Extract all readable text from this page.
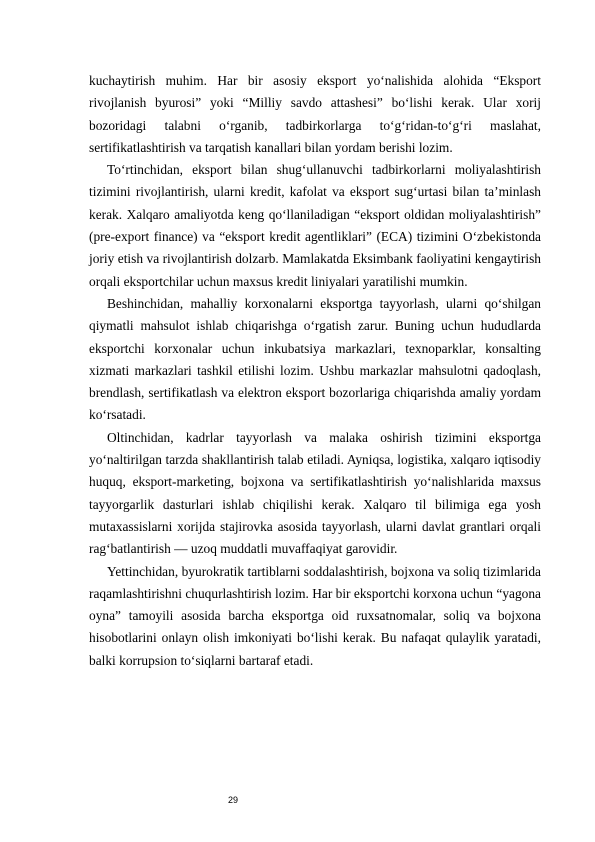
kuchaytirish muhim. Har bir asosiy eksport yo‘nalishida alohida “Eksport rivojlanish byurosi” yoki “Milliy savdo attashesi” bo‘lishi kerak. Ular xorij bozoridagi talabni o‘rganib, tadbirkorlarga to‘g‘ridan-to‘g‘ri maslahat, sertifikatlashtirish va tarqatish kanallari bilan yordam berishi lozim.

To‘rtinchidan, eksport bilan shug‘ullanuvchi tadbirkorlarni moliyalashtirish tizimini rivojlantirish, ularni kredit, kafolat va eksport sug‘urtasi bilan ta’minlash kerak. Xalqaro amaliyotda keng qo‘llaniladigan “eksport oldidan moliyalashtirish” (pre-export finance) va “eksport kredit agentliklari” (ECA) tizimini O‘zbekistonda joriy etish va rivojlantirish dolzarb. Mamlakatda Eksimbank faoliyatini kengaytirish orqali eksportchilar uchun maxsus kredit liniyalari yaratilishi mumkin.

Beshinchidan, mahalliy korxonalarni eksportga tayyorlash, ularni qo‘shilgan qiymatli mahsulot ishlab chiqarishga o‘rgatish zarur. Buning uchun hududlarda eksportchi korxonalar uchun inkubatsiya markazlari, texnoparklar, konsalting xizmati markazlari tashkil etilishi lozim. Ushbu markazlar mahsulotni qadoqlash, brendlash, sertifikatlash va elektron eksport bozorlariga chiqarishda amaliy yordam ko‘rsatadi.

Oltinchidan, kadrlar tayyorlash va malaka oshirish tizimini eksportga yo‘naltirilgan tarzda shakllantirish talab etiladi. Ayniqsa, logistika, xalqaro iqtisodiy huquq, eksport-marketing, bojxona va sertifikatlashtirish yo‘nalishlarida maxsus tayyorgarlik dasturlari ishlab chiqilishi kerak. Xalqaro til bilimiga ega yosh mutaxassislarni xorijda stajirovka asosida tayyorlash, ularni davlat grantlari orqali rag‘batlantirish — uzoq muddatli muvaffaqiyat garovidir.

Yettinchidan, byurokratik tartiblarni soddalashtirish, bojxona va soliq tizimlarida raqamlashtirishni chuqurlashtirish lozim. Har bir eksportchi korxona uchun “yagona oyna” tamoyili asosida barcha eksportga oid ruxsatnomalar, soliq va bojxona hisobotlarini onlayn olish imkoniyati bo‘lishi kerak. Bu nafaqat qulaylik yaratadi, balki korrupsion to‘siqlarni bartaraf etadi.

29
